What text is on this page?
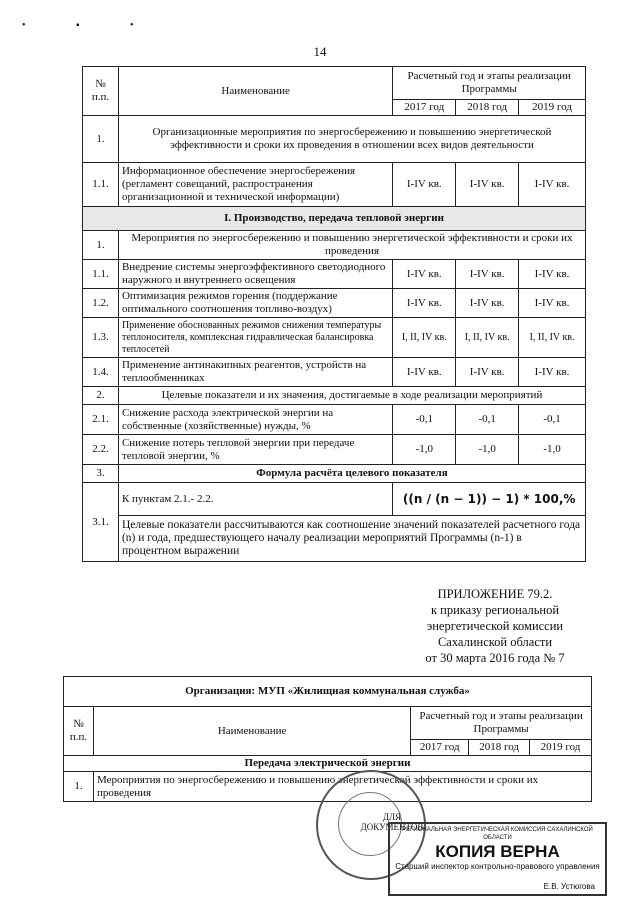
• ▪ •
14
№
п.п.	Наименование	Расчетный год и этапы реализации Программы		
		2017 год	2018 год	2019 год
1.	Организационные мероприятия по энергосбережению и повышению энергетической эффективности и сроки их проведения в отношении всех видов деятельности			
1.1.	Информационное обеспечение энергосбережения (регламент совещаний, распространения организационной и технической информации)	I-IV кв.	I-IV кв.	I-IV кв.
I. Производство, передача тепловой энергии				
1.	Мероприятия по энергосбережению и повышению энергетической эффективности и сроки их проведения			
1.1.	Внедрение системы энергоэффективного светодиодного наружного и внутреннего освещения	I-IV кв.	I-IV кв.	I-IV кв.
1.2.	Оптимизация режимов горения (поддержание оптимального соотношения топливо-воздух)	I-IV кв.	I-IV кв.	I-IV кв.
1.3.	Применение обоснованных режимов снижения температуры теплоносителя, комплексная гидравлическая балансировка теплосетей	I, II, IV кв.	I, II, IV кв.	I, II, IV кв.
1.4.	Применение антинакипных реагентов, устройств на теплообменниках	I-IV кв.	I-IV кв.	I-IV кв.
2.	Целевые показатели и их значения, достигаемые в ходе реализации мероприятий			
2.1.	Снижение расхода электрической энергии на собственные (хозяйственные) нужды, %	-0,1	-0,1	-0,1
2.2.	Снижение потерь тепловой энергии при передаче тепловой энергии, %	-1,0	-1,0	-1,0
3.	Формула расчёта целевого показателя			
3.1.	К пунктам 2.1.- 2.2.	((n / (n − 1)) − 1) * 100,%		
	Целевые показатели рассчитываются как соотношение значений показателей расчетного года (n) и года, предшествующего началу реализации мероприятий Программы (n-1) в процентном выражении			
ПРИЛОЖЕНИЕ 79.2.
к приказу региональной
энергетической комиссии
Сахалинской области
от 30 марта 2016 года № 7
Организация: МУП «Жилищная коммунальная служба»				
№
п.п.	Наименование	Расчетный год и этапы реализации Программы		
		2017 год	2018 год	2019 год
Передача электрической энергии				
1.	Мероприятия по энергосбережению и повышению энергетической эффективности и сроки их проведения			
ДЛЯ ДОКУМЕНТОВ
РЕГИОНАЛЬНАЯ ЭНЕРГЕТИЧЕСКАЯ КОМИССИЯ САХАЛИНСКОЙ ОБЛАСТИ
КОПИЯ ВЕРНА
Старший инспектор контрольно-правового управления
Е.В. Устюгова
